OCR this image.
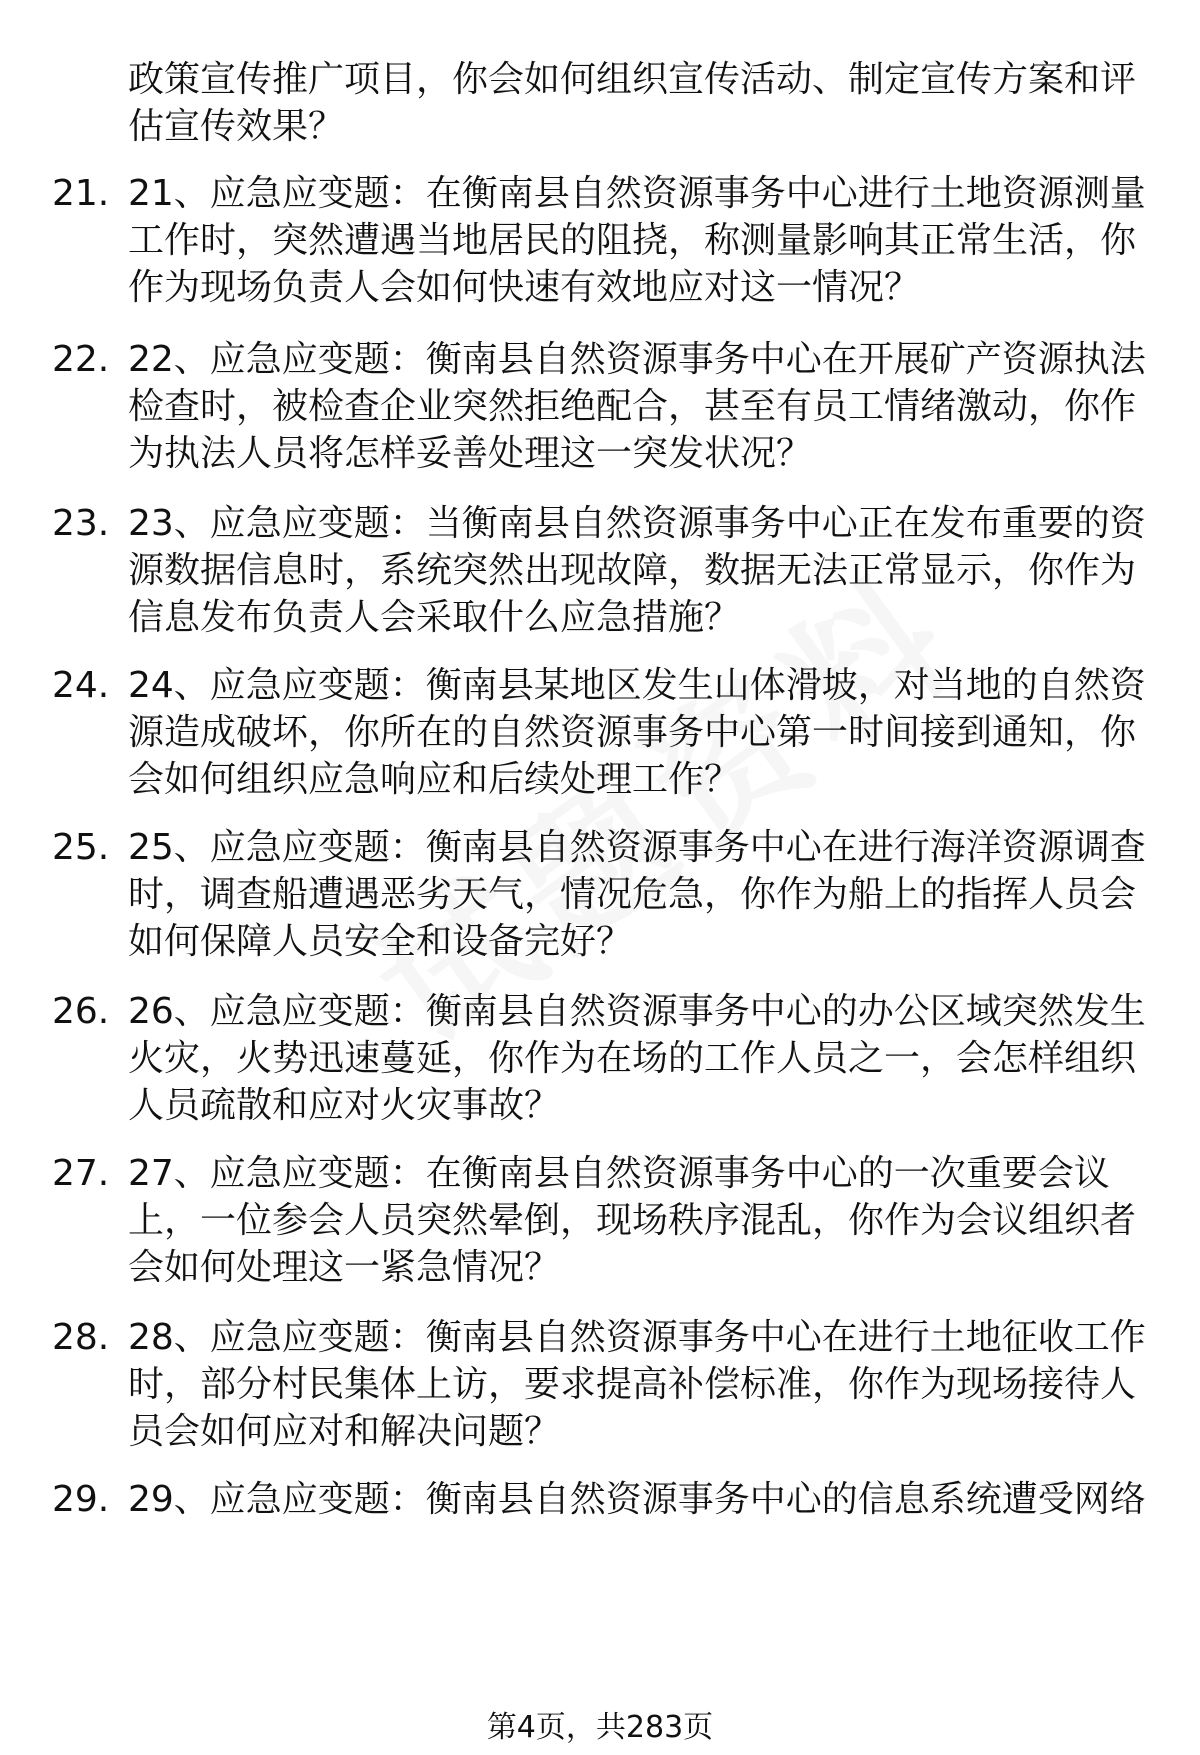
政策宣传推广项目，你会如何组织宣传活动、制定宣传方案和评估宣传效果？

21. 21、应急应变题：在衡南县自然资源事务中心进行土地资源测量工作时，突然遭遇当地居民的阻挠，称测量影响其正常生活，你作为现场负责人会如何快速有效地应对这一情况？

22. 22、应急应变题：衡南县自然资源事务中心在开展矿产资源执法检查时，被检查企业突然拒绝配合，甚至有员工情绪激动，你作为执法人员将怎样妥善处理这一突发状况？

23. 23、应急应变题：当衡南县自然资源事务中心正在发布重要的资源数据信息时，系统突然出现故障，数据无法正常显示，你作为信息发布负责人会采取什么应急措施？

24. 24、应急应变题：衡南县某地区发生山体滑坡，对当地的自然资源造成破坏，你所在的自然资源事务中心第一时间接到通知，你会如何组织应急响应和后续处理工作？

25. 25、应急应变题：衡南县自然资源事务中心在进行海洋资源调查时，调查船遭遇恶劣天气，情况危急，你作为船上的指挥人员会如何保障人员安全和设备完好？

26. 26、应急应变题：衡南县自然资源事务中心的办公区域突然发生火灾，火势迅速蔓延，你作为在场的工作人员之一，会怎样组织人员疏散和应对火灾事故？

27. 27、应急应变题：在衡南县自然资源事务中心的一次重要会议上，一位参会人员突然晕倒，现场秩序混乱，你作为会议组织者会如何处理这一紧急情况？

28. 28、应急应变题：衡南县自然资源事务中心在进行土地征收工作时，部分村民集体上访，要求提高补偿标准，你作为现场接待人员会如何应对和解决问题？

29. 29、应急应变题：衡南县自然资源事务中心的信息系统遭受网络

第4页，共283页
